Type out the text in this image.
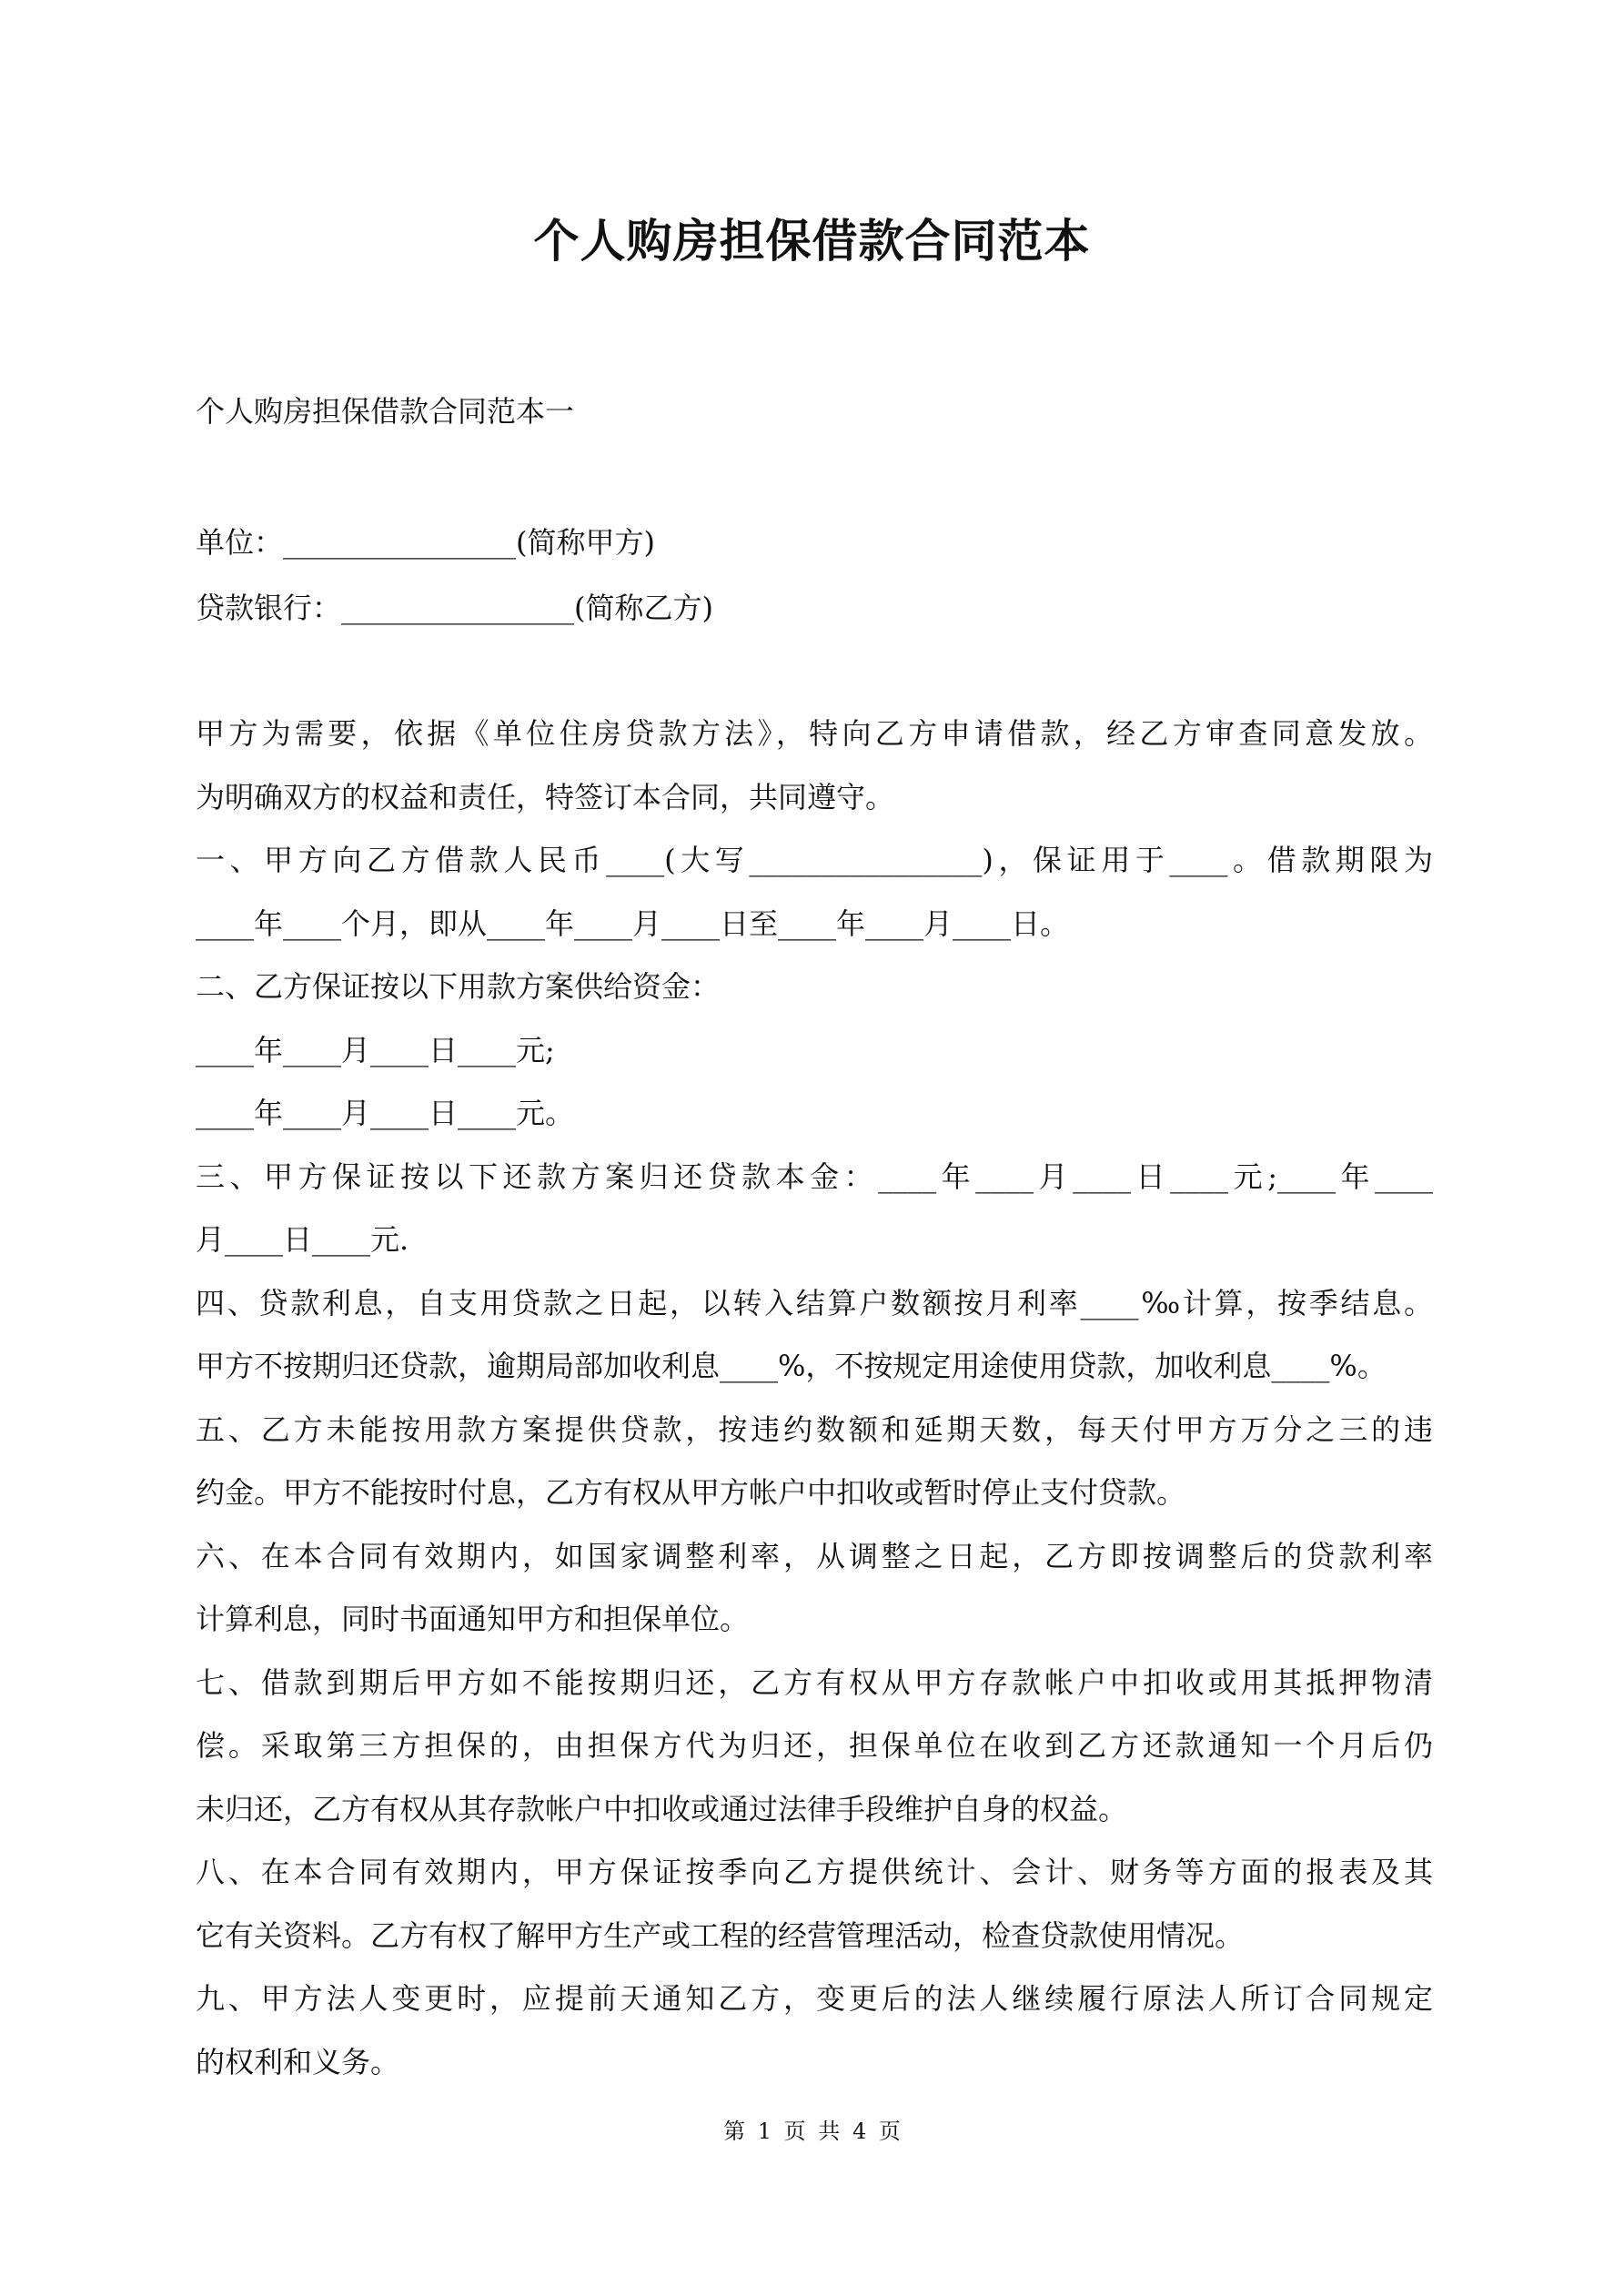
个人购房担保借款合同范本

个人购房担保借款合同范本一

单位：________________(简称甲方)
贷款银行：________________(简称乙方)
甲方为需要，依据《单位住房贷款方法》，特向乙方申请借款，经乙方审查同意发放。
为明确双方的权益和责任，特签订本合同，共同遵守。
一、甲方向乙方借款人民币____(大写________________)，保证用于____。借款期限为
____年____个月，即从____年____月____日至____年____月____日。
二、乙方保证按以下用款方案供给资金：
____年____月____日____元;
____年____月____日____元。
三、甲方保证按以下还款方案归还贷款本金：____年____月____日____元;____年____
月____日____元.
四、贷款利息，自支用贷款之日起，以转入结算户数额按月利率____‰计算，按季结息。
甲方不按期归还贷款，逾期局部加收利息____%，不按规定用途使用贷款，加收利息____%。
五、乙方未能按用款方案提供贷款，按违约数额和延期天数，每天付甲方万分之三的违
约金。甲方不能按时付息，乙方有权从甲方帐户中扣收或暂时停止支付贷款。
六、在本合同有效期内，如国家调整利率，从调整之日起，乙方即按调整后的贷款利率
计算利息，同时书面通知甲方和担保单位。
七、借款到期后甲方如不能按期归还，乙方有权从甲方存款帐户中扣收或用其抵押物清
偿。采取第三方担保的，由担保方代为归还，担保单位在收到乙方还款通知一个月后仍
未归还，乙方有权从其存款帐户中扣收或通过法律手段维护自身的权益。
八、在本合同有效期内，甲方保证按季向乙方提供统计、会计、财务等方面的报表及其
它有关资料。乙方有权了解甲方生产或工程的经营管理活动，检查贷款使用情况。
九、甲方法人变更时，应提前天通知乙方，变更后的法人继续履行原法人所订合同规定
的权利和义务。
第 1 页 共 4 页
